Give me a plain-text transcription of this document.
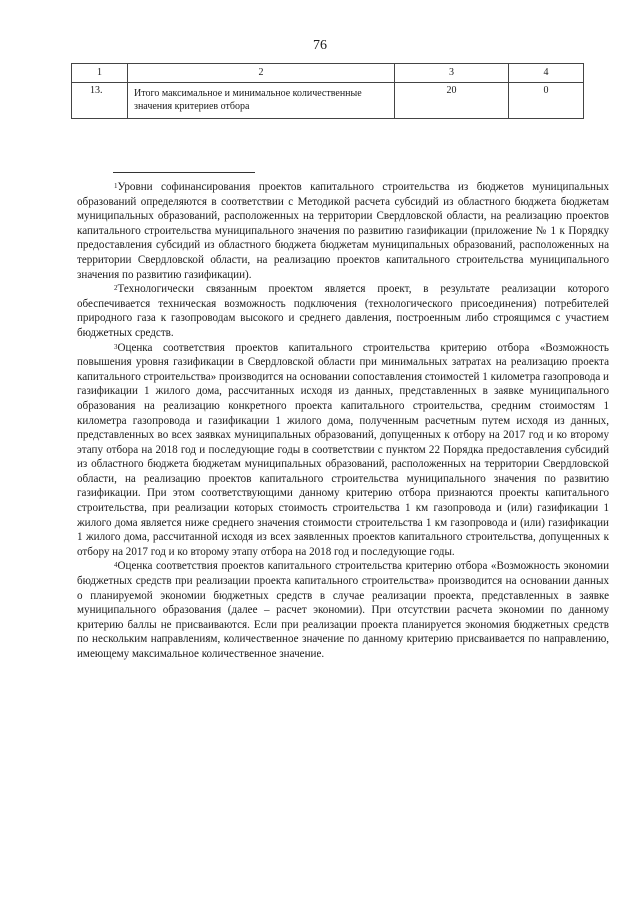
76
1	2	3	4
13.	Итого максимальное и минимальное количественные значения критериев отбора	20	0

$^1$Уровни софинансирования проектов капитального строительства из бюджетов муниципальных образований определяются в соответствии с Методикой расчета субсидий из областного бюджета бюджетам муниципальных образований, расположенных на территории Свердловской области, на реализацию проектов капитального строительства муниципального значения по развитию газификации (приложение № 1 к Порядку предоставления субсидий из областного бюджета бюджетам муниципальных образований, расположенных на территории Свердловской области, на реализацию проектов капитального строительства муниципального значения по развитию газификации).

$^2$Технологически связанным проектом является проект, в результате реализации которого обеспечивается техническая возможность подключения (технологического присоединения) потребителей природного газа к газопроводам высокого и среднего давления, построенным либо строящимся с участием бюджетных средств.

$^3$Оценка соответствия проектов капитального строительства критерию отбора «Возможность повышения уровня газификации в Свердловской области при минимальных затратах на реализацию проекта капитального строительства» производится на основании сопоставления стоимостей 1 километра газопровода и газификации 1 жилого дома, рассчитанных исходя из данных, представленных в заявке муниципального образования на реализацию конкретного проекта капитального строительства, средним стоимостям 1 километра газопровода и газификации 1 жилого дома, полученным расчетным путем исходя из данных, представленных во всех заявках муниципальных образований, допущенных к отбору на 2017 год и ко второму этапу отбора на 2018 год и последующие годы в соответствии с пунктом 22 Порядка предоставления субсидий из областного бюджета бюджетам муниципальных образований, расположенных на территории Свердловской области, на реализацию проектов капитального строительства муниципального значения по развитию газификации. При этом соответствующими данному критерию отбора признаются проекты капитального строительства, при реализации которых стоимость строительства 1 км газопровода и (или) газификации 1 жилого дома является ниже среднего значения стоимости строительства 1 км газопровода и (или) газификации 1 жилого дома, рассчитанной исходя из всех заявленных проектов капитального строительства, допущенных к отбору на 2017 год и ко второму этапу отбора на 2018 год и последующие годы.

$^4$Оценка соответствия проектов капитального строительства критерию отбора «Возможность экономии бюджетных средств при реализации проекта капитального строительства» производится на основании данных о планируемой экономии бюджетных средств в случае реализации проекта, представленных в заявке муниципального образования (далее – расчет экономии). При отсутствии расчета экономии по данному критерию баллы не присваиваются. Если при реализации проекта планируется экономия бюджетных средств по нескольким направлениям, количественное значение по данному критерию присваивается по направлению, имеющему максимальное количественное значение.
